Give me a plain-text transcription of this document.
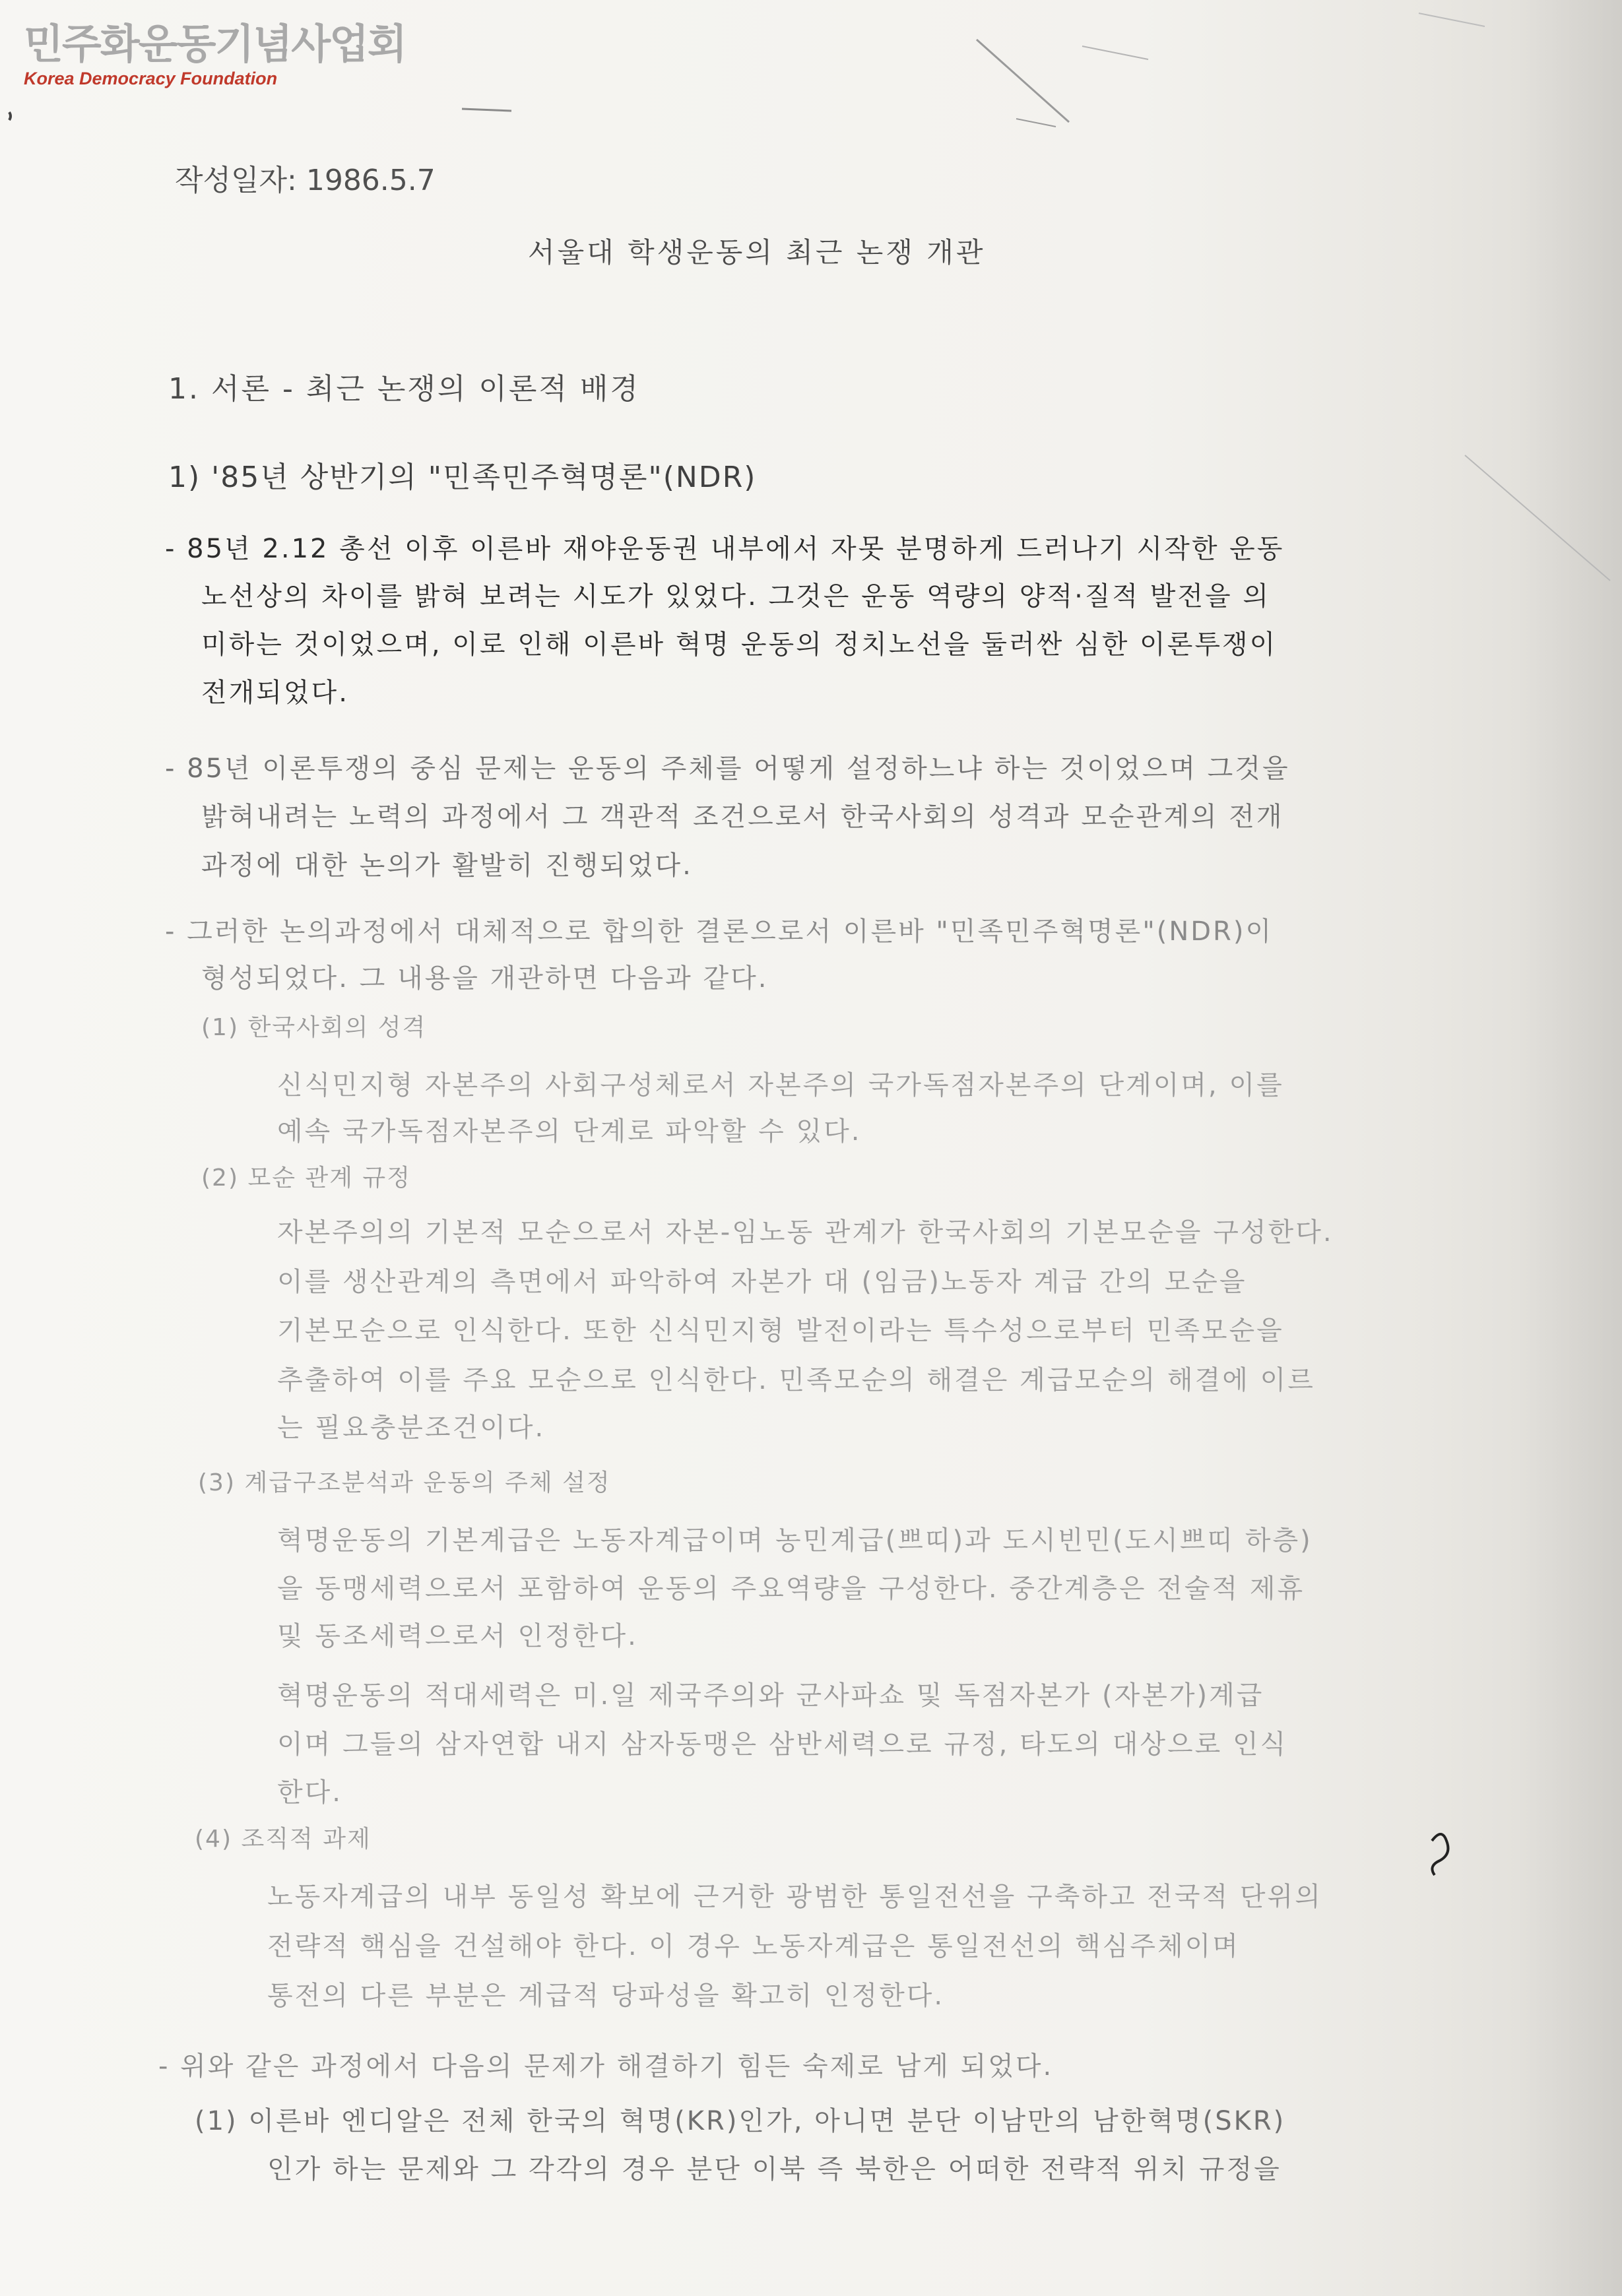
민주화운동기념사업회
Korea Democracy Foundation
작성일자: 1986.5.7
서울대 학생운동의 최근 논쟁 개관
1. 서론 - 최근 논쟁의 이론적 배경
1) '85년 상반기의 "민족민주혁명론"(NDR)
- 85년 2.12 총선 이후 이른바 재야운동권 내부에서 자못 분명하게 드러나기 시작한 운동
노선상의 차이를 밝혀 보려는 시도가 있었다. 그것은 운동 역량의 양적·질적 발전을 의
미하는 것이었으며, 이로 인해 이른바 혁명 운동의 정치노선을 둘러싼 심한 이론투쟁이
전개되었다.
- 85년 이론투쟁의 중심 문제는 운동의 주체를 어떻게 설정하느냐 하는 것이었으며 그것을
밝혀내려는 노력의 과정에서 그 객관적 조건으로서 한국사회의 성격과 모순관계의 전개
과정에 대한 논의가 활발히 진행되었다.
- 그러한 논의과정에서 대체적으로 합의한 결론으로서 이른바 "민족민주혁명론"(NDR)이
형성되었다. 그 내용을 개관하면 다음과 같다.
(1) 한국사회의 성격
신식민지형 자본주의 사회구성체로서 자본주의 국가독점자본주의 단계이며, 이를
예속 국가독점자본주의 단계로 파악할 수 있다.
(2) 모순 관계 규정
자본주의의 기본적 모순으로서 자본-임노동 관계가 한국사회의 기본모순을 구성한다.
이를 생산관계의 측면에서 파악하여 자본가 대 (임금)노동자 계급 간의 모순을
기본모순으로 인식한다. 또한 신식민지형 발전이라는 특수성으로부터 민족모순을
추출하여 이를 주요 모순으로 인식한다. 민족모순의 해결은 계급모순의 해결에 이르
는 필요충분조건이다.
(3) 계급구조분석과 운동의 주체 설정
혁명운동의 기본계급은 노동자계급이며 농민계급(쁘띠)과 도시빈민(도시쁘띠 하층)
을 동맹세력으로서 포함하여 운동의 주요역량을 구성한다. 중간계층은 전술적 제휴
및 동조세력으로서 인정한다.
혁명운동의 적대세력은 미.일 제국주의와 군사파쇼 및 독점자본가 (자본가)계급
이며 그들의 삼자연합 내지 삼자동맹은 삼반세력으로 규정, 타도의 대상으로 인식
한다.
(4) 조직적 과제
노동자계급의 내부 동일성 확보에 근거한 광범한 통일전선을 구축하고 전국적 단위의
전략적 핵심을 건설해야 한다. 이 경우 노동자계급은 통일전선의 핵심주체이며
통전의 다른 부분은 계급적 당파성을 확고히 인정한다.
- 위와 같은 과정에서 다음의 문제가 해결하기 힘든 숙제로 남게 되었다.
(1) 이른바 엔디알은 전체 한국의 혁명(KR)인가, 아니면 분단 이남만의 남한혁명(SKR)
인가 하는 문제와 그 각각의 경우 분단 이북 즉 북한은 어떠한 전략적 위치 규정을
